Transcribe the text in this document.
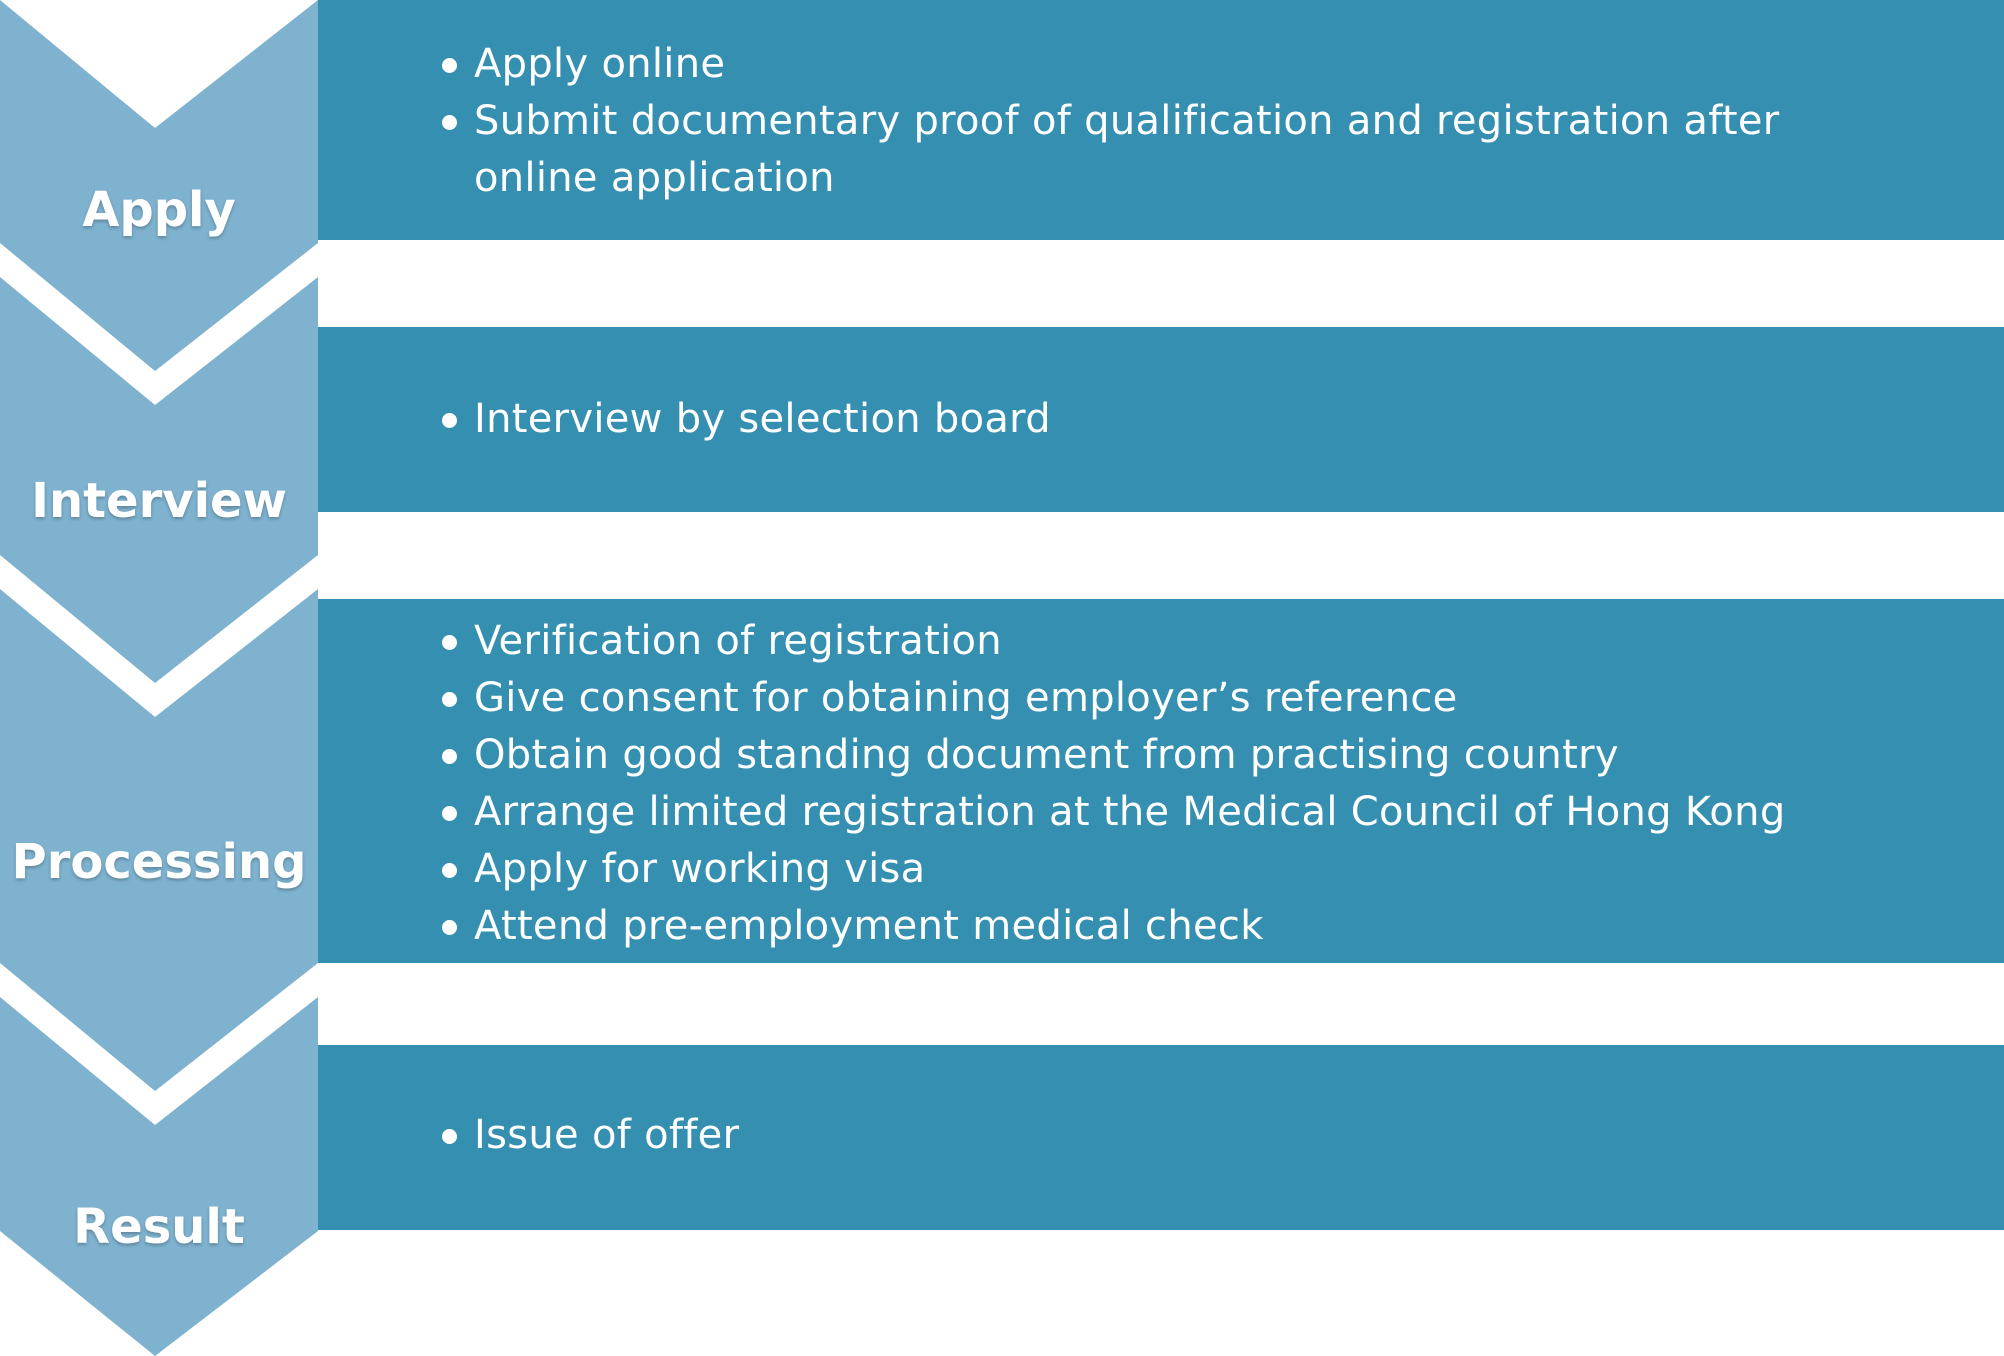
Apply
Apply online
Submit documentary proof of qualification and registration after online application
Interview
Interview by selection board
Processing
Verification of registration
Give consent for obtaining employer’s reference
Obtain good standing document from practising country
Arrange limited registration at the Medical Council of Hong Kong
Apply for working visa
Attend pre-employment medical check
Result
Issue of offer
